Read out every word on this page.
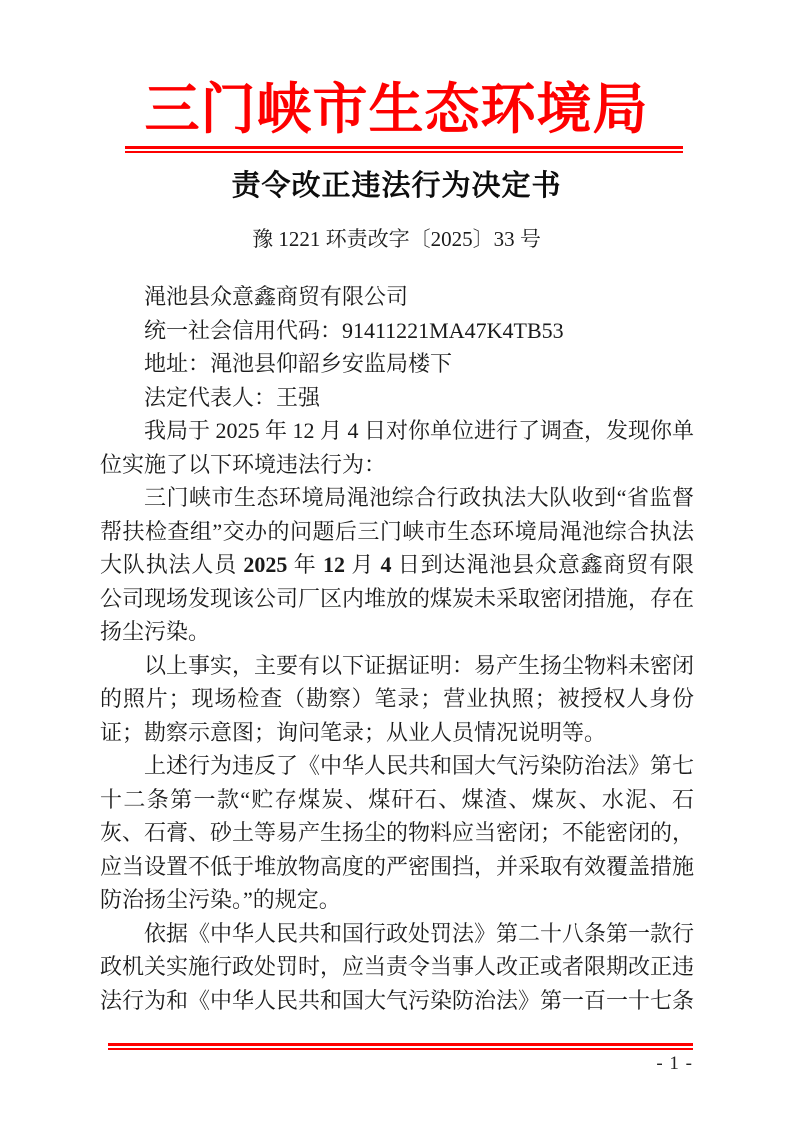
三门峡市生态环境局
责令改正违法行为决定书
豫 1221 环责改字〔2025〕33 号

渑池县众意鑫商贸有限公司

统一社会信用代码：91411221MA47K4TB53

地址：渑池县仰韶乡安监局楼下

法定代表人：王强

我局于 2025 年 12 月 4 日对你单位进行了调查，发现你单位实施了以下环境违法行为：

三门峡市生态环境局渑池综合行政执法大队收到“省监督帮扶检查组”交办的问题后三门峡市生态环境局渑池综合执法大队执法人员 2025 年 12 月 4 日到达渑池县众意鑫商贸有限公司现场发现该公司厂区内堆放的煤炭未采取密闭措施，存在扬尘污染。

以上事实，主要有以下证据证明：易产生扬尘物料未密闭的照片；现场检查（勘察）笔录；营业执照；被授权人身份证；勘察示意图；询问笔录；从业人员情况说明等。

上述行为违反了《中华人民共和国大气污染防治法》第七十二条第一款“贮存煤炭、煤矸石、煤渣、煤灰、水泥、石灰、石膏、砂土等易产生扬尘的物料应当密闭；不能密闭的，应当设置不低于堆放物高度的严密围挡，并采取有效覆盖措施防治扬尘污染。”的规定。

依据《中华人民共和国行政处罚法》第二十八条第一款行政机关实施行政处罚时，应当责令当事人改正或者限期改正违法行为和《中华人民共和国大气污染防治法》第一百一十七条

- 1 -
